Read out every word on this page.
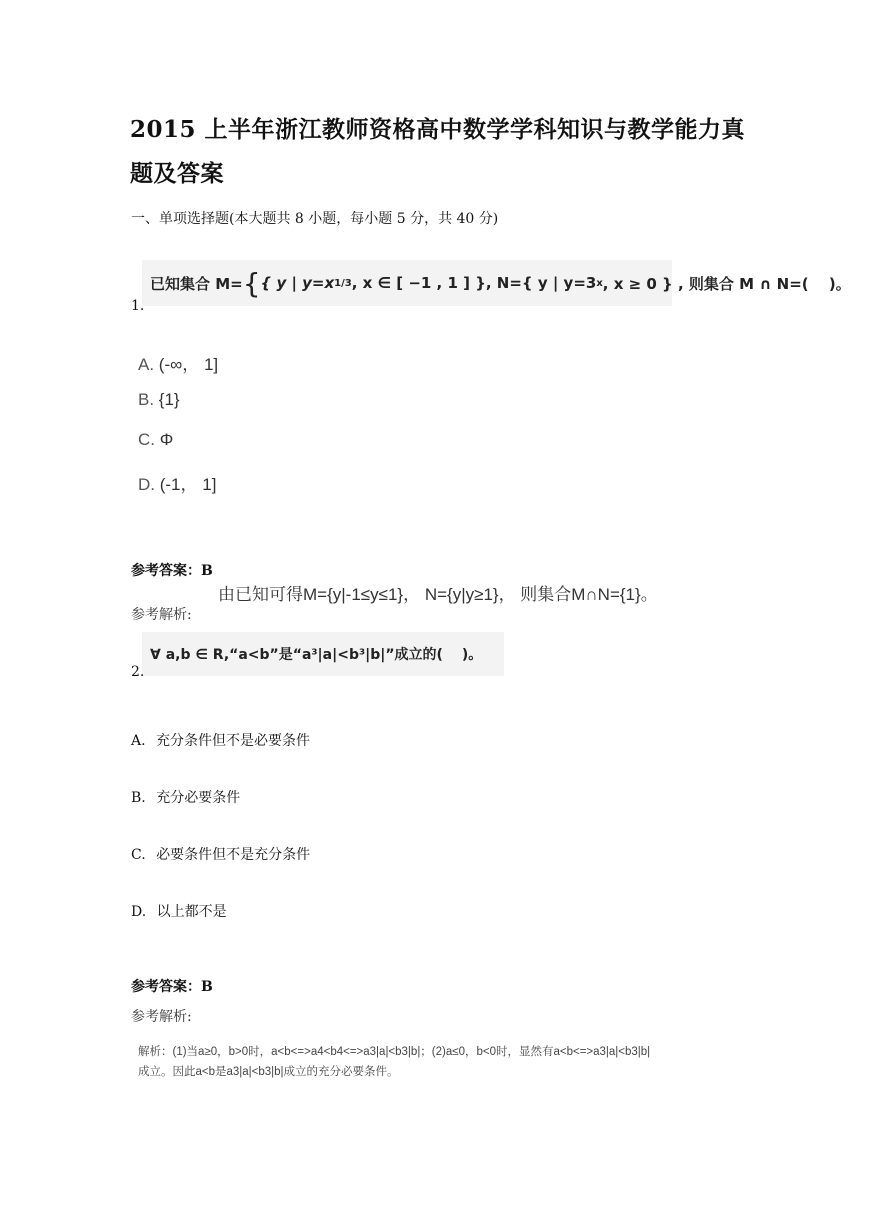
2015 上半年浙江教师资格高中数学学科知识与教学能力真
题及答案
一、单项选择题(本大题共 8 小题，每小题 5 分，共 40 分)
已知集合 M= { { y | y=x 1/3 , x ∈ [ −1 , 1 ] } , N={ y | y=3 x , x ≥ 0 } , 则集合 M ∩ N=(　 )。
1.
A. (-∞， 1]
B. {1}
C. Φ
D. (-1， 1]
参考答案：B
由已知可得M={y|-1≤y≤1}， N={y|y≥1}， 则集合M∩N={1}。
参考解析:
∀ a,b ∈ R,“a<b”是“a³|a|<b³|b|”成立的(　 )。
2.
A. 充分条件但不是必要条件
B. 充分必要条件
C. 必要条件但不是充分条件
D. 以上都不是
参考答案：B
参考解析:
解析：(1)当a≥0，b>0时，a<b<=>a4<b4<=>a3|a|<b3|b|；(2)a≤0，b<0时，显然有a<b<=>a3|a|<b3|b|
成立。因此a<b是a3|a|<b3|b|成立的充分必要条件。
